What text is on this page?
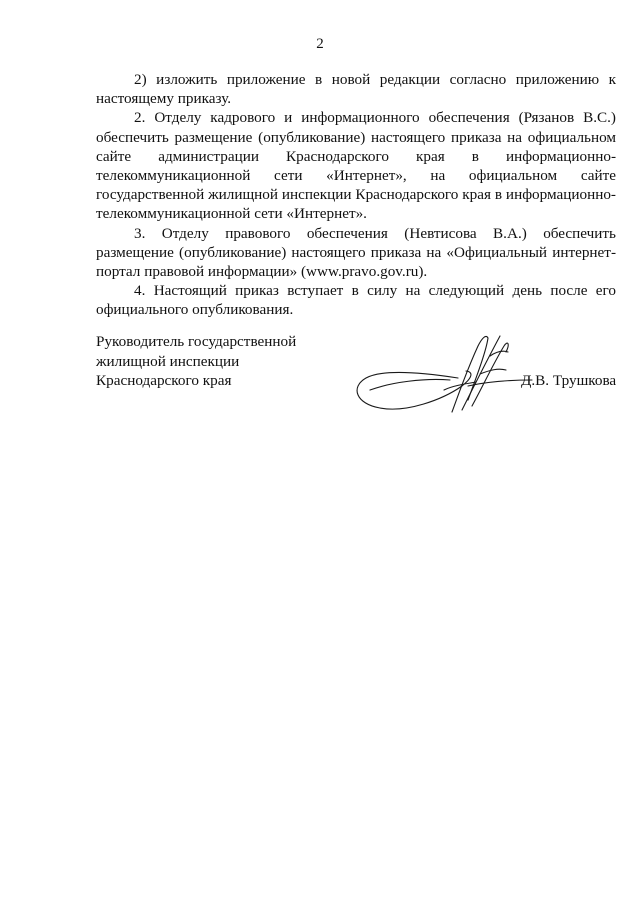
2

2) изложить приложение в новой редакции согласно приложению к настоящему приказу.

2. Отделу кадрового и информационного обеспечения (Рязанов В.С.) обеспечить размещение (опубликование) настоящего приказа на официальном сайте администрации Краснодарского края в информационно-телекоммуникационной сети «Интернет», на официальном сайте государственной жилищной инспекции Краснодарского края в информационно-телекоммуникационной сети «Интернет».

3. Отделу правового обеспечения (Невтисова В.А.) обеспечить размещение (опубликование) настоящего приказа на «Официальный интернет-портал правовой информации» (www.pravo.gov.ru).

4. Настоящий приказ вступает в силу на следующий день после его официального опубликования.

Руководитель государственной
жилищной инспекции
Краснодарского края	Д.В. Трушкова
